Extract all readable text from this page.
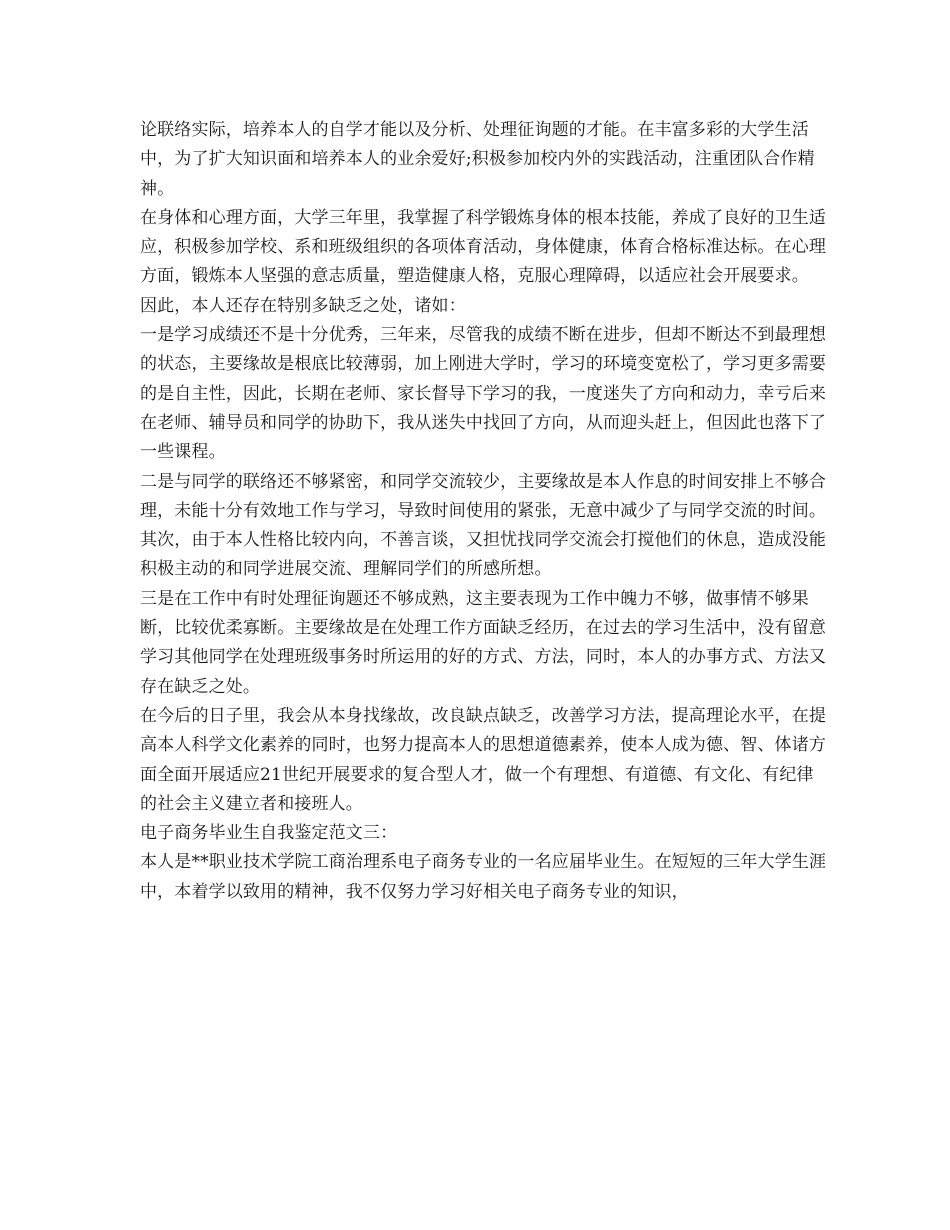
论联络实际，培养本人的自学才能以及分析、处理征询题的才能。在丰富多彩的大学生活中，为了扩大知识面和培养本人的业余爱好;积极参加校内外的实践活动，注重团队合作精神。

在身体和心理方面，大学三年里，我掌握了科学锻炼身体的根本技能，养成了良好的卫生适应，积极参加学校、系和班级组织的各项体育活动，身体健康，体育合格标准达标。在心理方面，锻炼本人坚强的意志质量，塑造健康人格，克服心理障碍，以适应社会开展要求。

因此，本人还存在特别多缺乏之处，诸如：

一是学习成绩还不是十分优秀，三年来，尽管我的成绩不断在进步，但却不断达不到最理想的状态，主要缘故是根底比较薄弱，加上刚进大学时，学习的环境变宽松了，学习更多需要的是自主性，因此，长期在老师、家长督导下学习的我，一度迷失了方向和动力，幸亏后来在老师、辅导员和同学的协助下，我从迷失中找回了方向，从而迎头赶上，但因此也落下了一些课程。

二是与同学的联络还不够紧密，和同学交流较少，主要缘故是本人作息的时间安排上不够合理，未能十分有效地工作与学习，导致时间使用的紧张，无意中减少了与同学交流的时间。其次，由于本人性格比较内向，不善言谈，又担忧找同学交流会打搅他们的休息，造成没能积极主动的和同学进展交流、理解同学们的所感所想。

三是在工作中有时处理征询题还不够成熟，这主要表现为工作中魄力不够，做事情不够果断，比较优柔寡断。主要缘故是在处理工作方面缺乏经历，在过去的学习生活中，没有留意学习其他同学在处理班级事务时所运用的好的方式、方法，同时，本人的办事方式、方法又存在缺乏之处。

在今后的日子里，我会从本身找缘故，改良缺点缺乏，改善学习方法，提高理论水平，在提高本人科学文化素养的同时，也努力提高本人的思想道德素养，使本人成为德、智、体诸方面全面开展适应21世纪开展要求的复合型人才，做一个有理想、有道德、有文化、有纪律的社会主义建立者和接班人。

电子商务毕业生自我鉴定范文三：

本人是**职业技术学院工商治理系电子商务专业的一名应届毕业生。在短短的三年大学生涯中，本着学以致用的精神，我不仅努力学习好相关电子商务专业的知识，
